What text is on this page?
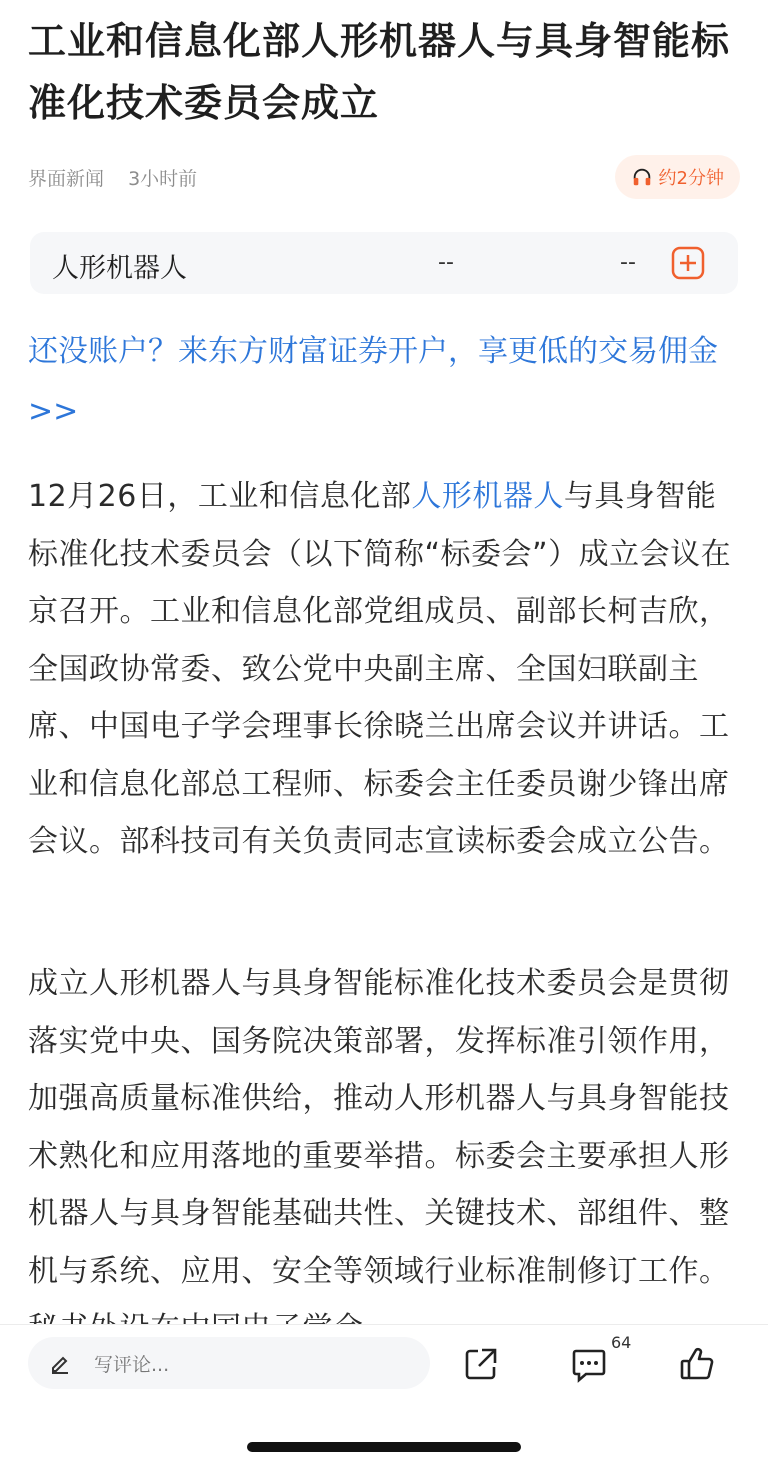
工业和信息化部人形机器人与具身智能标准化技术委员会成立
界面新闻 3小时前	约2分钟
人形机器人	--	--
还没账户？来东方财富证券开户，享更低的交易佣金>>
12月26日，工业和信息化部人形机器人与具身智能标准化技术委员会（以下简称“标委会”）成立会议在京召开。工业和信息化部党组成员、副部长柯吉欣，全国政协常委、致公党中央副主席、全国妇联副主席、中国电子学会理事长徐晓兰出席会议并讲话。工业和信息化部总工程师、标委会主任委员谢少锋出席会议。部科技司有关负责同志宣读标委会成立公告。
成立人形机器人与具身智能标准化技术委员会是贯彻落实党中央、国务院决策部署，发挥标准引领作用，加强高质量标准供给，推动人形机器人与具身智能技术熟化和应用落地的重要举措。标委会主要承担人形机器人与具身智能基础共性、关键技术、部组件、整机与系统、应用、安全等领域行业标准制修订工作。
写评论...
64
